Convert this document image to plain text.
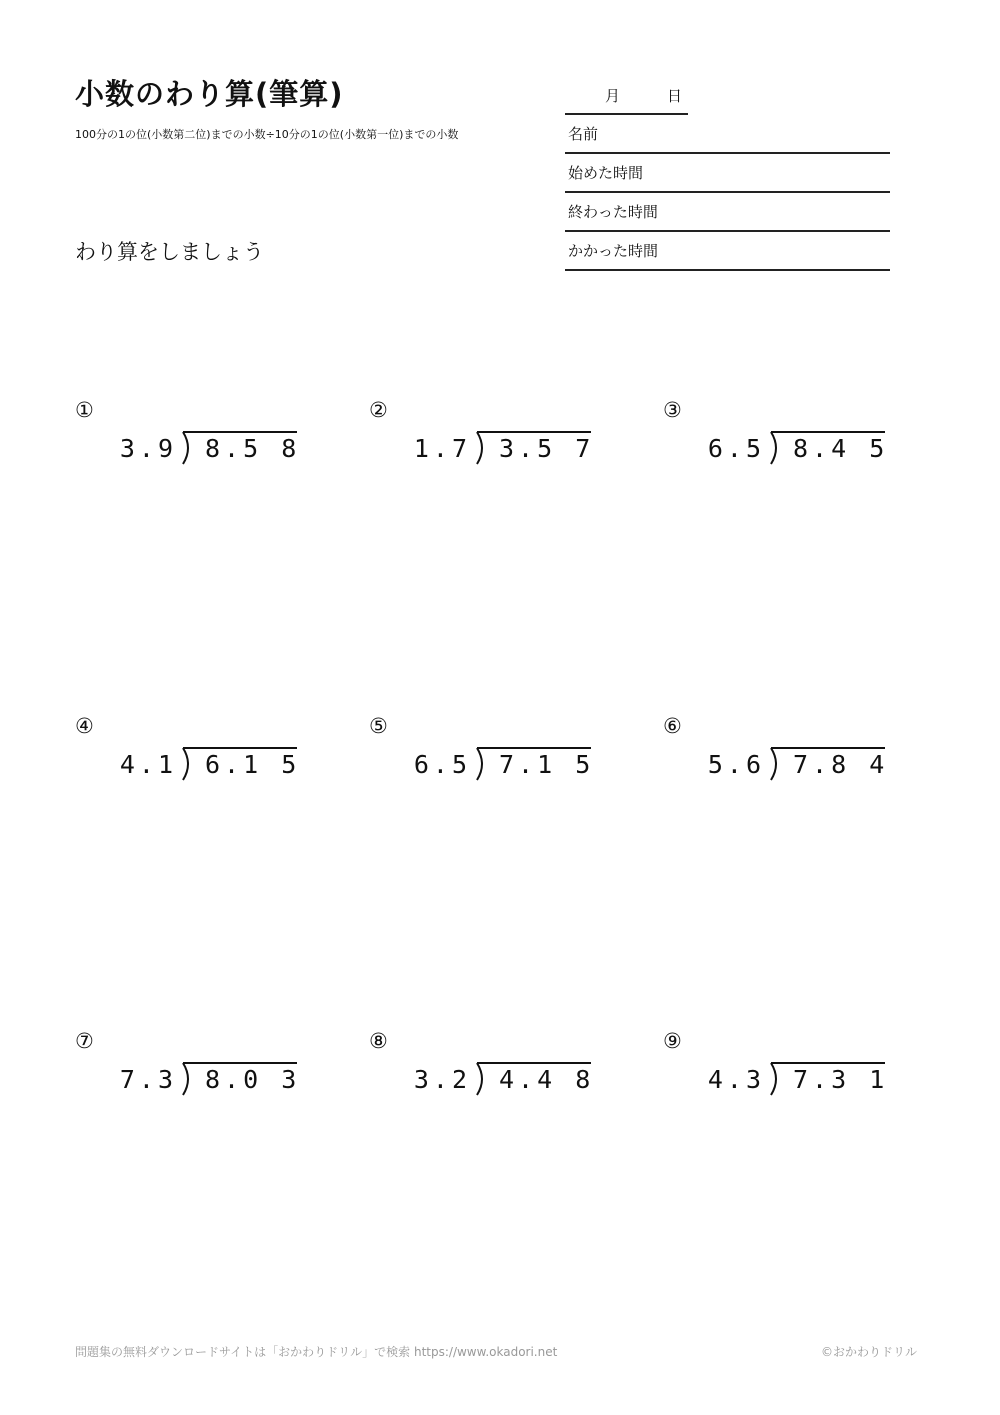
小数のわり算(筆算)
100分の1の位(小数第二位)までの小数÷10分の1の位(小数第一位)までの小数
わり算をしましょう
月	日
名前
始めた時間
終わった時間
かかった時間
①
3.9 8.5 8
②
1.7 3.5 7
③
6.5 8.4 5
④
4.1 6.1 5
⑤
6.5 7.1 5
⑥
5.6 7.8 4
⑦
7.3 8.0 3
⑧
3.2 4.4 8
⑨
4.3 7.3 1
問題集の無料ダウンロードサイトは「おかわりドリル」で検索 https://www.okadori.net	©おかわりドリル
